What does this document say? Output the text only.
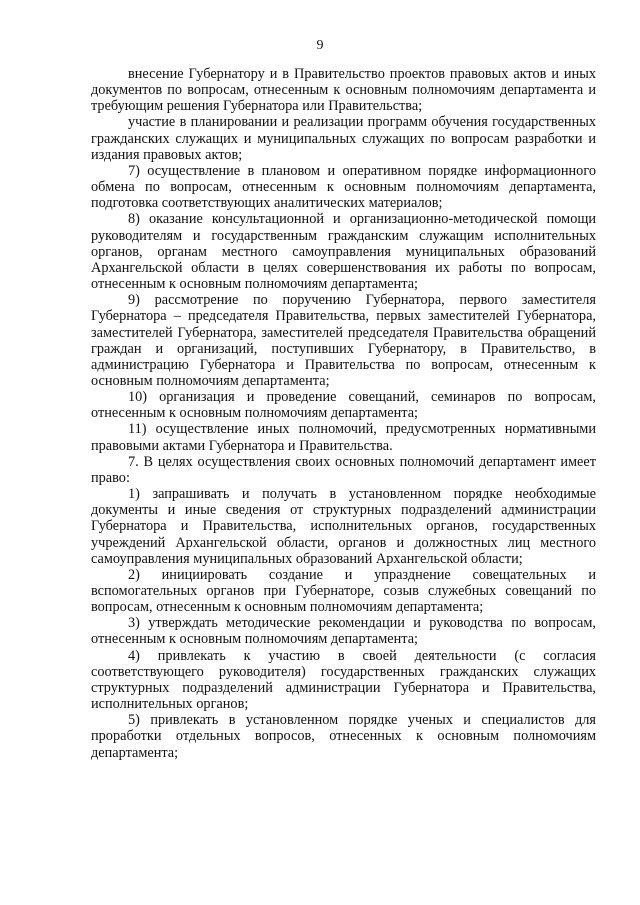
9

внесение Губернатору и в Правительство проектов правовых актов и иных документов по вопросам, отнесенным к основным полномочиям департамента и требующим решения Губернатора или Правительства;

участие в планировании и реализации программ обучения государственных гражданских служащих и муниципальных служащих по вопросам разработки и издания правовых актов;

7) осуществление в плановом и оперативном порядке информационного обмена по вопросам, отнесенным к основным полномочиям департамента, подготовка соответствующих аналитических материалов;

8) оказание консультационной и организационно-методической помощи руководителям и государственным гражданским служащим исполнительных органов, органам местного самоуправления муниципальных образований Архангельской области в целях совершенствования их работы по вопросам, отнесенным к основным полномочиям департамента;

9) рассмотрение по поручению Губернатора, первого заместителя Губернатора – председателя Правительства, первых заместителей Губернатора, заместителей Губернатора, заместителей председателя Правительства обращений граждан и организаций, поступивших Губернатору, в Правительство, в администрацию Губернатора и Правительства по вопросам, отнесенным к основным полномочиям департамента;

10) организация и проведение совещаний, семинаров по вопросам, отнесенным к основным полномочиям департамента;

11) осуществление иных полномочий, предусмотренных нормативными правовыми актами Губернатора и Правительства.

7. В целях осуществления своих основных полномочий департамент имеет право:

1) запрашивать и получать в установленном порядке необходимые документы и иные сведения от структурных подразделений администрации Губернатора и Правительства, исполнительных органов, государственных учреждений Архангельской области, органов и должностных лиц местного самоуправления муниципальных образований Архангельской области;

2) инициировать создание и упразднение совещательных и вспомогательных органов при Губернаторе, созыв служебных совещаний по вопросам, отнесенным к основным полномочиям департамента;

3) утверждать методические рекомендации и руководства по вопросам, отнесенным к основным полномочиям департамента;

4) привлекать к участию в своей деятельности (с согласия соответствующего руководителя) государственных гражданских служащих структурных подразделений администрации Губернатора и Правительства, исполнительных органов;

5) привлекать в установленном порядке ученых и специалистов для проработки отдельных вопросов, отнесенных к основным полномочиям департамента;
